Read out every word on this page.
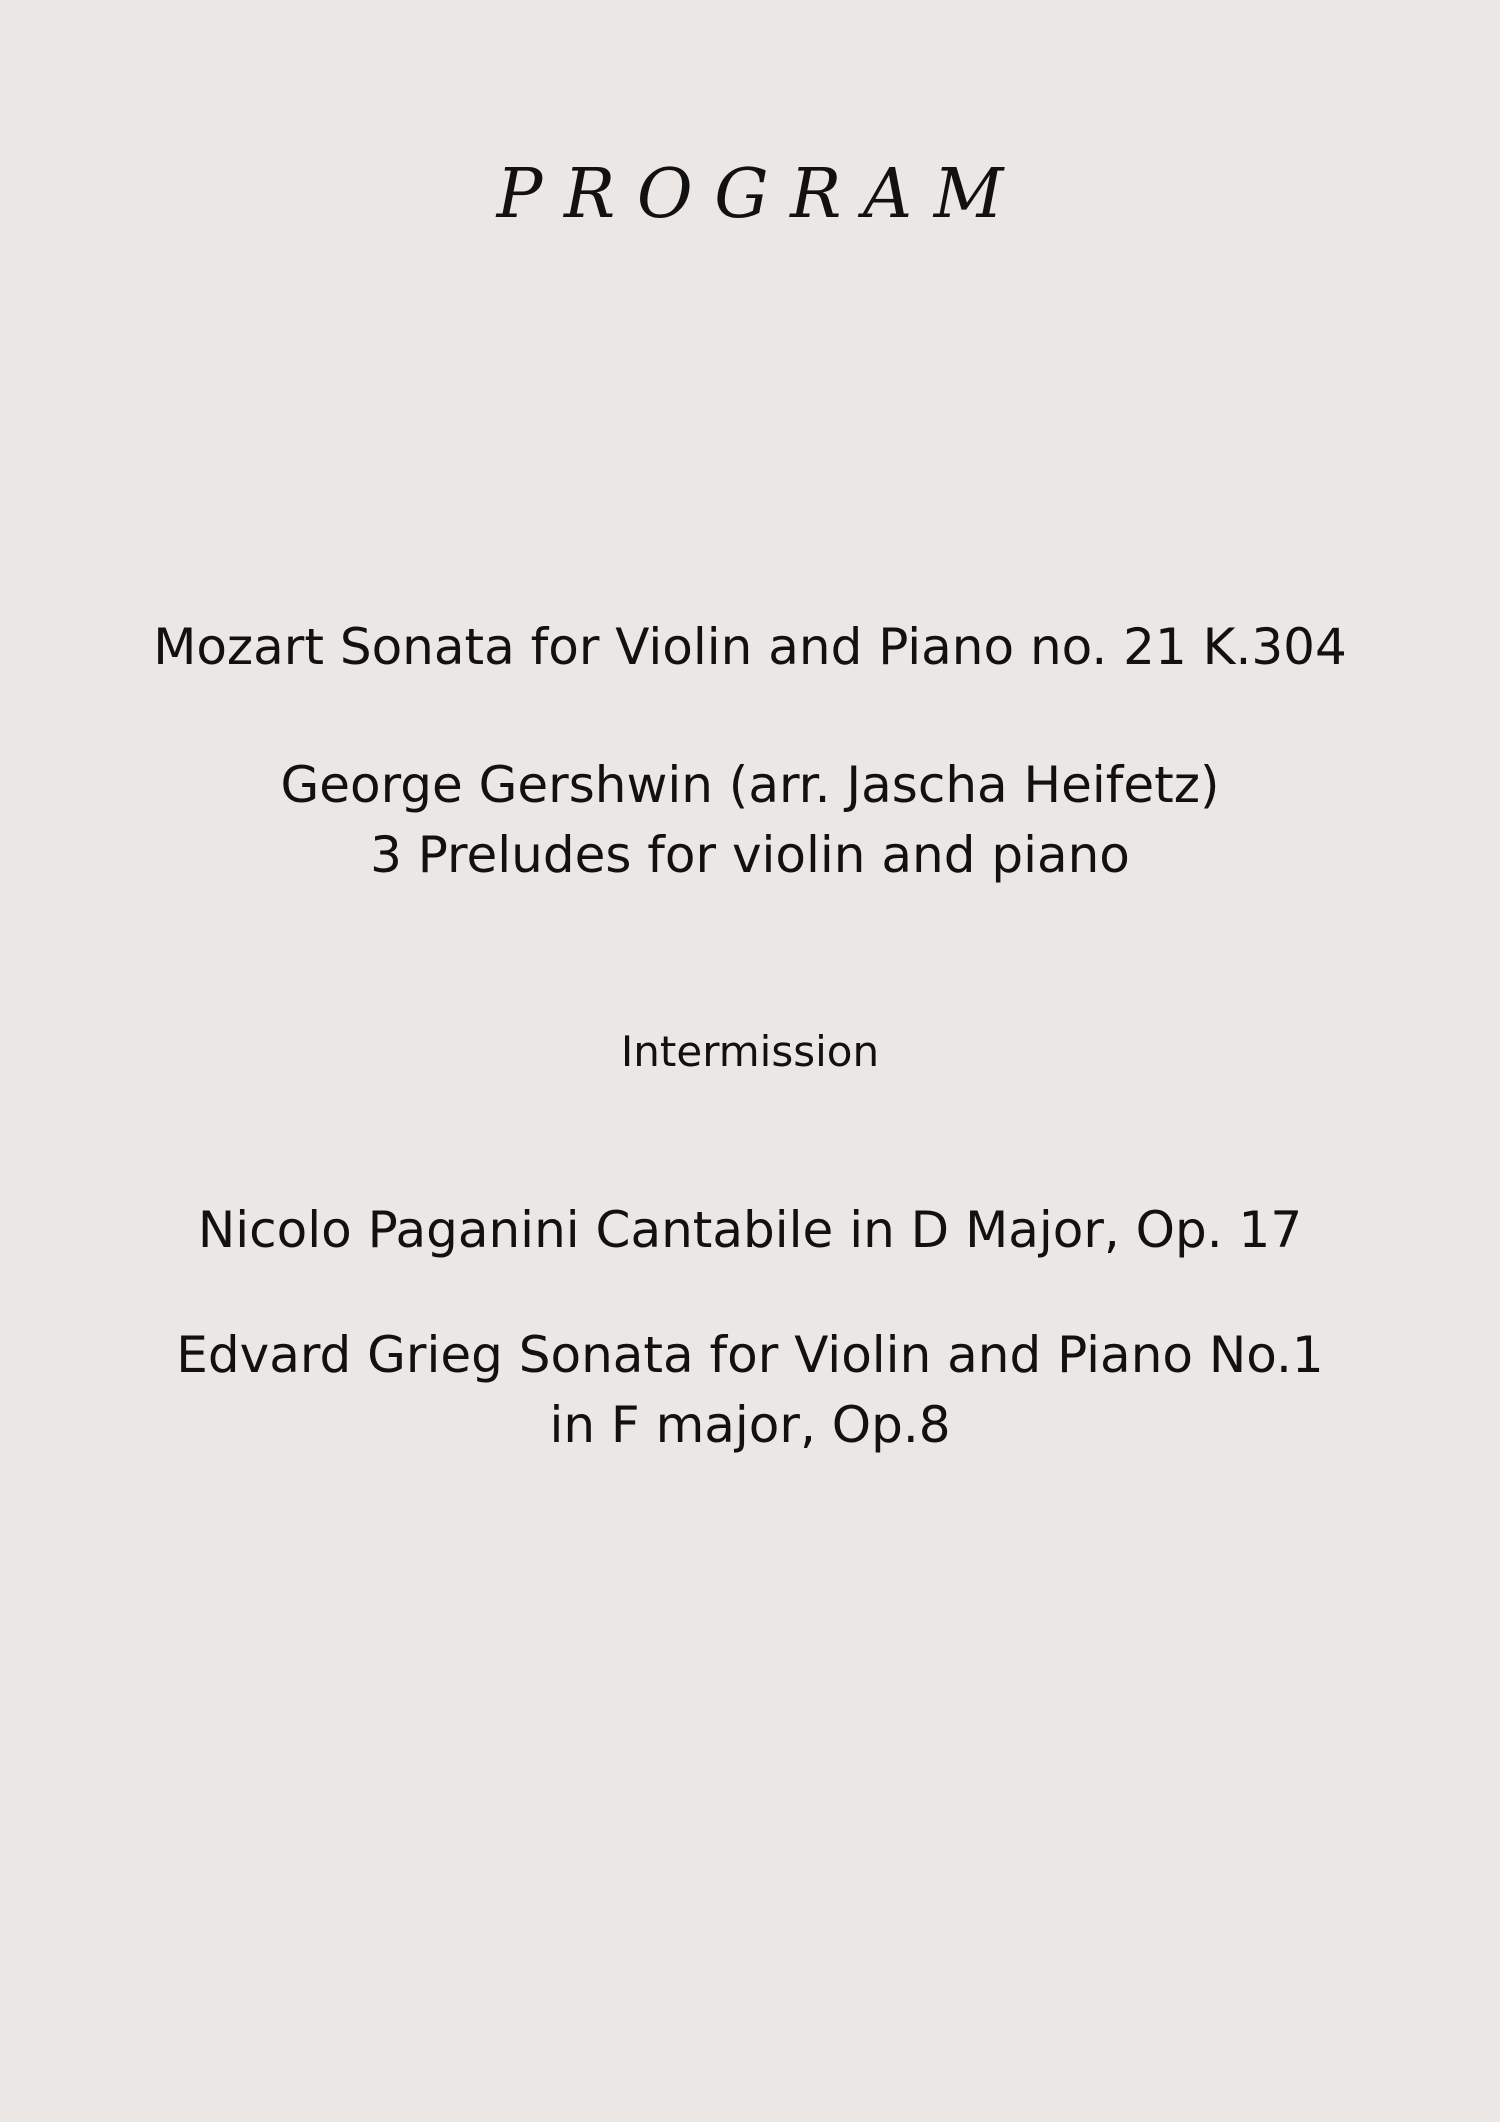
P R O G R A M
Mozart Sonata for Violin and Piano no. 21 K.304
George Gershwin (arr. Jascha Heifetz)
3 Preludes for violin and piano
Intermission
Nicolo Paganini Cantabile in D Major, Op. 17
Edvard Grieg Sonata for Violin and Piano No.1
in F major, Op.8
